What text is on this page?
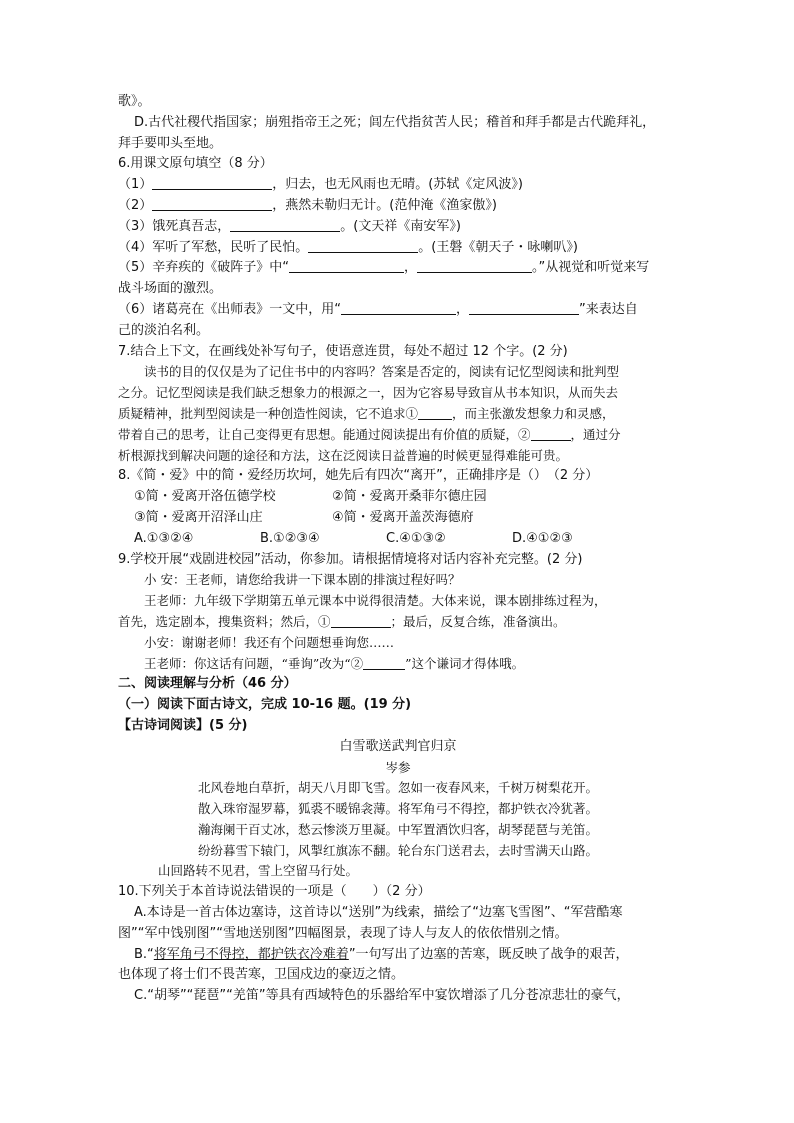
歌》。
D.古代社稷代指国家；崩殂指帝王之死；闾左代指贫苦人民；稽首和拜手都是古代跪拜礼，
拜手要叩头至地。
6.用课文原句填空（8 分）
（1）	，归去，也无风雨也无晴。(苏轼《定风波》)
（2）	，燕然未勒归无计。(范仲淹《渔家傲》)
（3）饿死真吾志，	。(文天祥《南安军》)
（4）军听了军愁，民听了民怕。	。(王磐《朝天子・咏喇叭》)
（5）辛弃疾的《破阵子》中“	，	。”从视觉和听觉来写
战斗场面的激烈。
（6）诸葛亮在《出师表》一文中，用“	，	”来表达自
己的淡泊名利。
7.结合上下文，在画线处补写句子，使语意连贯，每处不超过 12 个字。(2 分)
读书的目的仅仅是为了记住书中的内容吗？答案是否定的，阅读有记忆型阅读和批判型
之分。记忆型阅读是我们缺乏想象力的根源之一，因为它容易导致盲从书本知识，从而失去
质疑精神，批判型阅读是一种创造性阅读，它不追求①	，而主张激发想象力和灵感，
带着自己的思考，让自己变得更有思想。能通过阅读提出有价值的质疑，②	，通过分
析根源找到解决问题的途径和方法，这在泛阅读日益普遍的时候更显得难能可贵。
8.《简・爱》中的简・爱经历坎坷，她先后有四次“离开”，正确排序是（）　（2 分）
①简・爱离开洛伍德学校	②简・爱离开桑菲尔德庄园
③简・爱离开沼泽山庄	④简・爱离开盖茨海德府
A.①③②④	B.①②③④	C.④①③②	D.④①②③
9.学校开展“戏剧进校园”活动，你参加。请根据情境将对话内容补充完整。(2 分)
小 安：王老师，请您给我讲一下课本剧的排演过程好吗？
王老师：九年级下学期第五单元课本中说得很清楚。大体来说，课本剧排练过程为，
首先，选定剧本，搜集资料；然后，①	；最后，反复合练，准备演出。
小安：谢谢老师！我还有个问题想垂询您……
王老师：你这话有问题，“垂询”改为“②	”这个谦词才得体哦。
二、阅读理解与分析（46 分）
（一）阅读下面古诗文，完成 10-16 题。(19 分)
【古诗词阅读】(5 分)
白雪歌送武判官归京
岑参
北风卷地白草折，胡天八月即飞雪。忽如一夜春风来，千树万树梨花开。
散入珠帘湿罗幕，狐裘不暖锦衾薄。将军角弓不得控，都护铁衣冷犹著。
瀚海阑干百丈冰，愁云惨淡万里凝。中军置酒饮归客，胡琴琵琶与羌笛。
纷纷暮雪下辕门，风掣红旗冻不翻。轮台东门送君去，去时雪满天山路。
山回路转不见君，雪上空留马行处。
10.下列关于本首诗说法错误的一项是（　　）（2 分）
A.本诗是一首古体边塞诗，这首诗以“送别”为线索，描绘了“边塞飞雪图”、“军营酷寒
图”“军中饯别图”“雪地送别图”四幅图景，表现了诗人与友人的依依惜别之情。
B.“将军角弓不得控，都护铁衣冷难着”一句写出了边塞的苦寒，既反映了战争的艰苦，
也体现了将士们不畏苦寒，卫国戍边的豪迈之情。
C.“胡琴”“琵琶”“羌笛”等具有西域特色的乐器给军中宴饮增添了几分苍凉悲壮的豪气，
